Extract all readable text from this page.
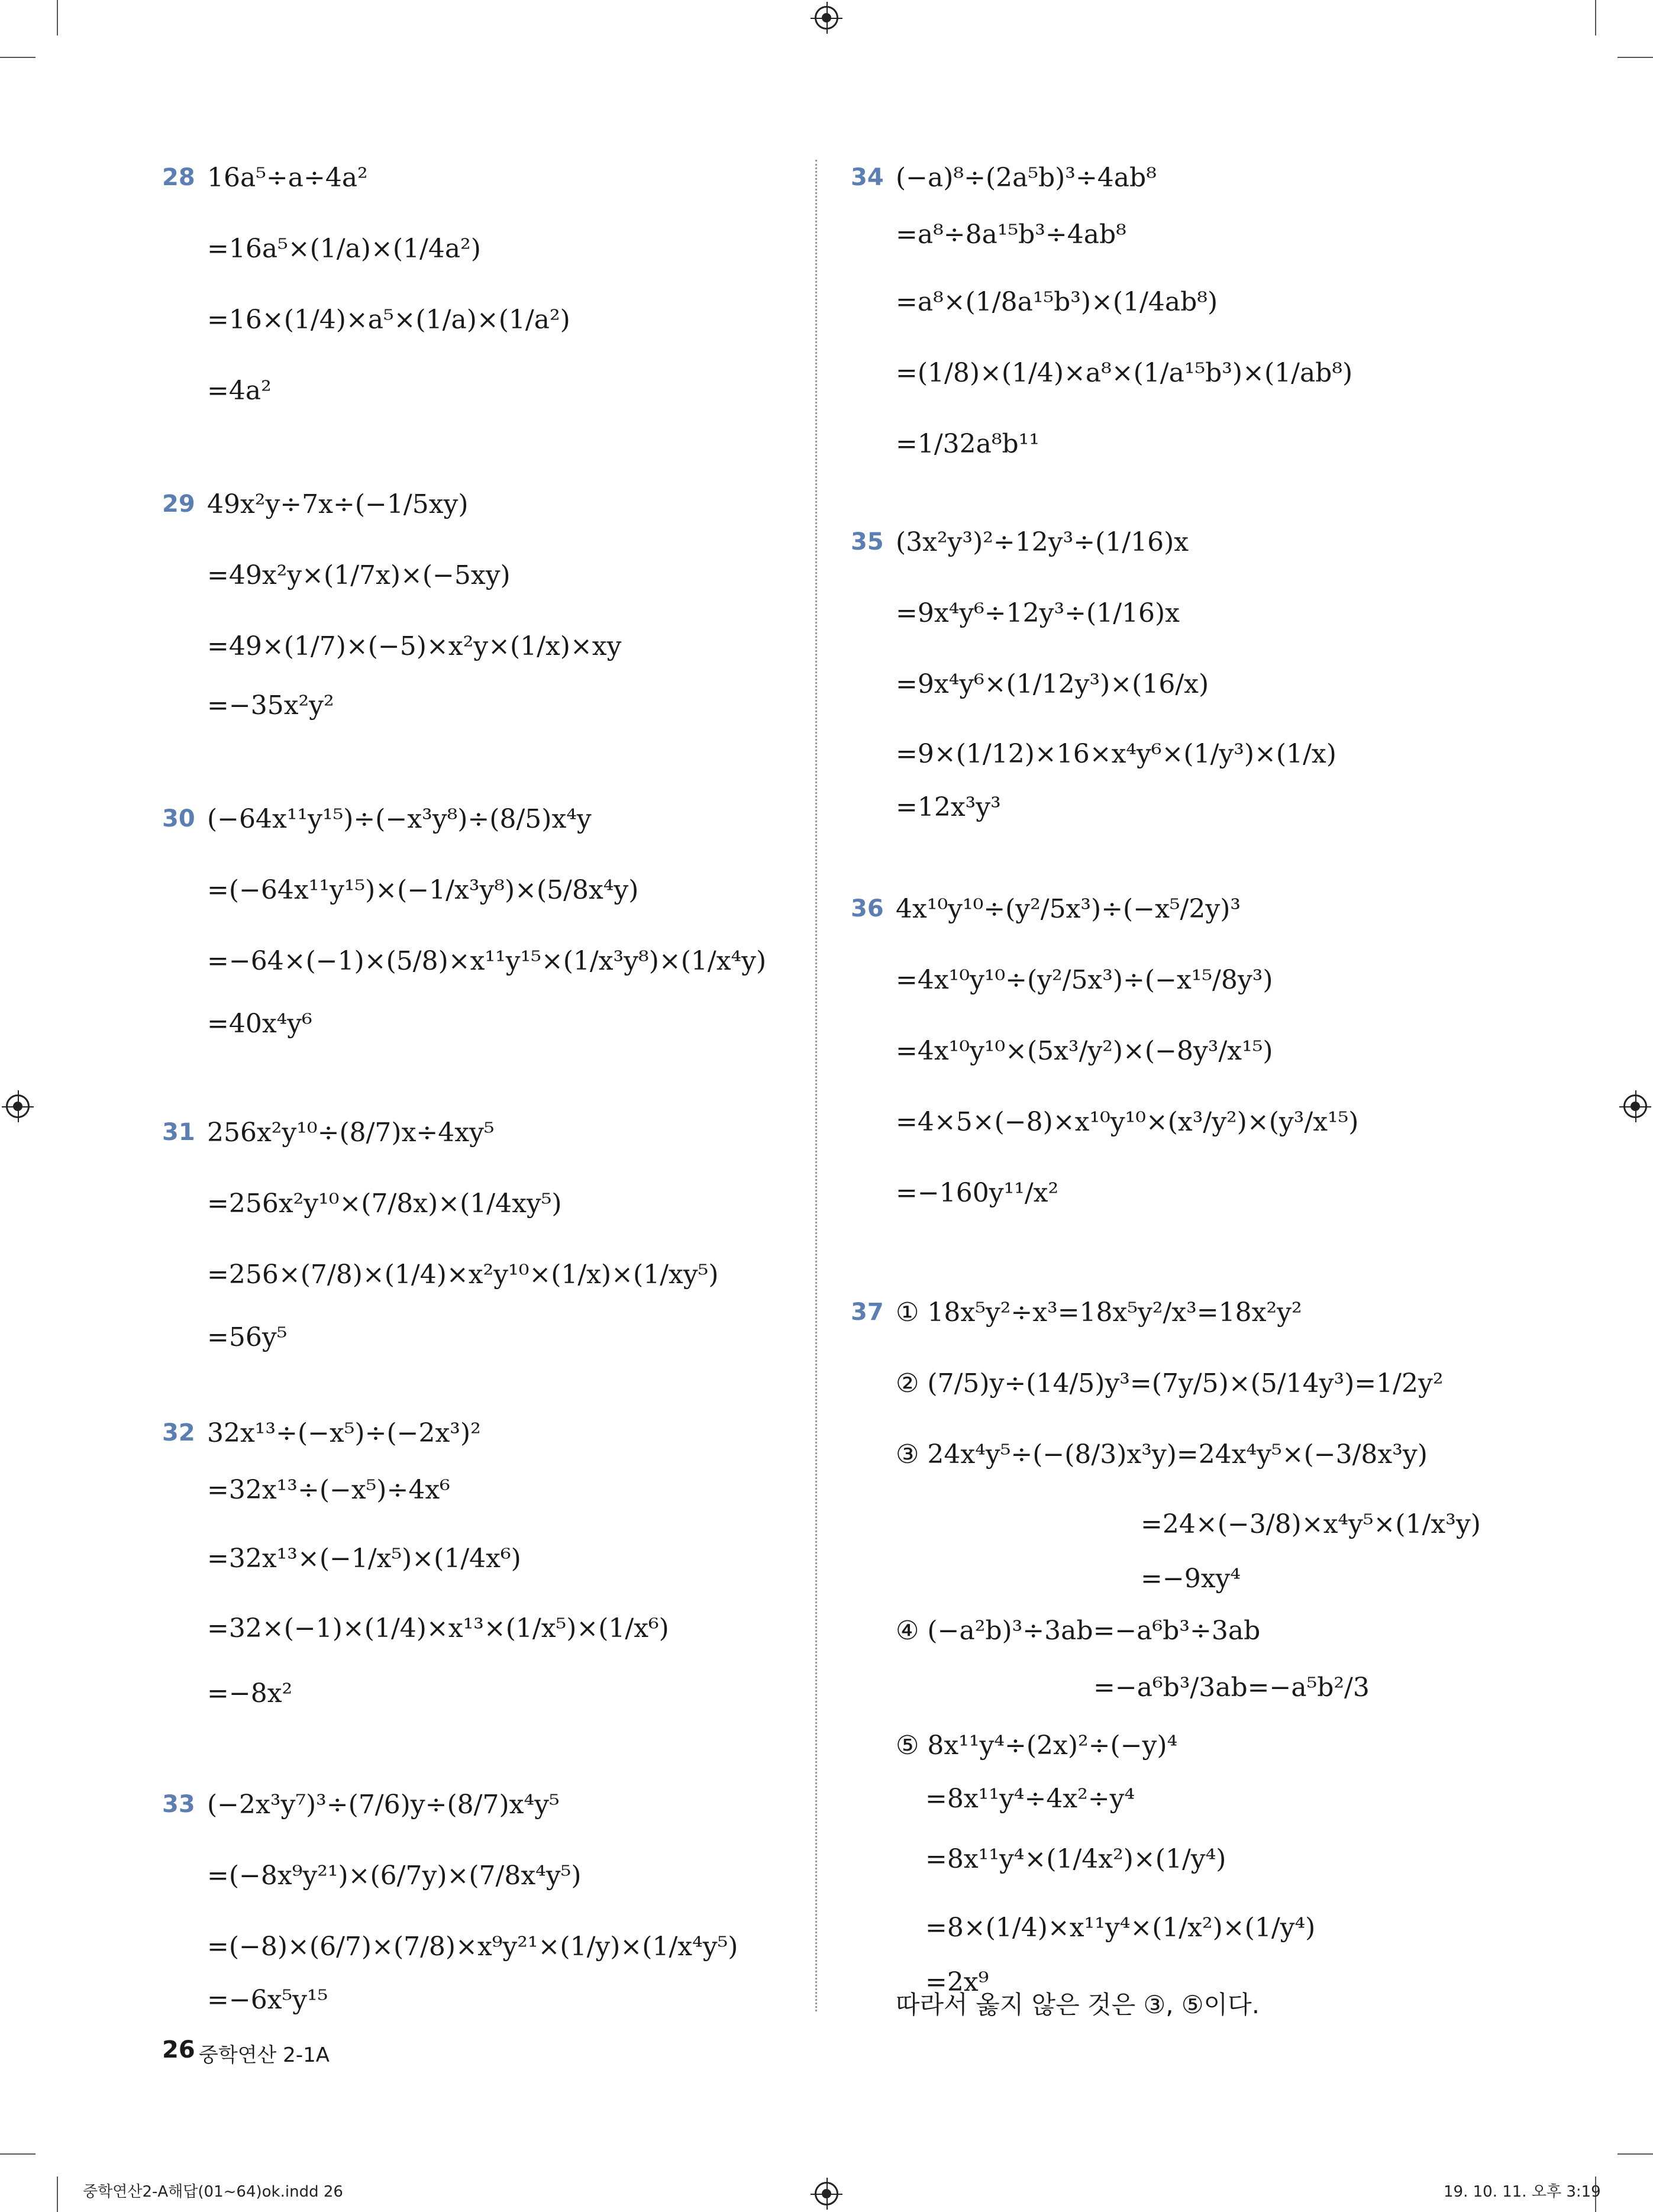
28 16a⁵÷a÷4a²
=16a⁵×(1/a)×(1/4a²)
=16×(1/4)×a⁵×(1/a)×(1/a²)
=4a²
29 49x²y÷7x÷(−1/5xy)
=49x²y×(1/7x)×(−5xy)
=49×(1/7)×(−5)×x²y×(1/x)×xy
=−35x²y²
30 (−64x¹¹y¹⁵)÷(−x³y⁸)÷(8/5)x⁴y
=(−64x¹¹y¹⁵)×(−1/x³y⁸)×(5/8x⁴y)
=−64×(−1)×(5/8)×x¹¹y¹⁵×(1/x³y⁸)×(1/x⁴y)
=40x⁴y⁶
31 256x²y¹⁰÷(8/7)x÷4xy⁵
=256x²y¹⁰×(7/8x)×(1/4xy⁵)
=256×(7/8)×(1/4)×x²y¹⁰×(1/x)×(1/xy⁵)
=56y⁵
32 32x¹³÷(−x⁵)÷(−2x³)²
=32x¹³÷(−x⁵)÷4x⁶
=32x¹³×(−1/x⁵)×(1/4x⁶)
=32×(−1)×(1/4)×x¹³×(1/x⁵)×(1/x⁶)
=−8x²
33 (−2x³y⁷)³÷(7/6)y÷(8/7)x⁴y⁵
=(−8x⁹y²¹)×(6/7y)×(7/8x⁴y⁵)
=(−8)×(6/7)×(7/8)×x⁹y²¹×(1/y)×(1/x⁴y⁵)
=−6x⁵y¹⁵
34 (−a)⁸÷(2a⁵b)³÷4ab⁸
=a⁸÷8a¹⁵b³÷4ab⁸
=a⁸×(1/8a¹⁵b³)×(1/4ab⁸)
=(1/8)×(1/4)×a⁸×(1/a¹⁵b³)×(1/ab⁸)
=1/32a⁸b¹¹
35 (3x²y³)²÷12y³÷(1/16)x
=9x⁴y⁶÷12y³÷(1/16)x
=9x⁴y⁶×(1/12y³)×(16/x)
=9×(1/12)×16×x⁴y⁶×(1/y³)×(1/x)
=12x³y³
36 4x¹⁰y¹⁰÷(y²/5x³)÷(−x⁵/2y)³
=4x¹⁰y¹⁰÷(y²/5x³)÷(−x¹⁵/8y³)
=4x¹⁰y¹⁰×(5x³/y²)×(−8y³/x¹⁵)
=4×5×(−8)×x¹⁰y¹⁰×(x³/y²)×(y³/x¹⁵)
=−160y¹¹/x²
37 ① 18x⁵y²÷x³=18x⁵y²/x³=18x²y²
② (7/5)y÷(14/5)y³=(7y/5)×(5/14y³)=1/2y²
③ 24x⁴y⁵÷(−(8/3)x³y)=24x⁴y⁵×(−3/8x³y)
=24×(−3/8)×x⁴y⁵×(1/x³y)
=−9xy⁴
④ (−a²b)³÷3ab=−a⁶b³÷3ab
=−a⁶b³/3ab=−a⁵b²/3
⑤ 8x¹¹y⁴÷(2x)²÷(−y)⁴
=8x¹¹y⁴÷4x²÷y⁴
=8x¹¹y⁴×(1/4x²)×(1/y⁴)
=8×(1/4)×x¹¹y⁴×(1/x²)×(1/y⁴)
=2x⁹
따라서 옳지 않은 것은 ③, ⑤이다.
26 중학연산 2-1A
중학연산2-A해답(01~64)ok.indd 26	19. 10. 11. 오후 3:19
